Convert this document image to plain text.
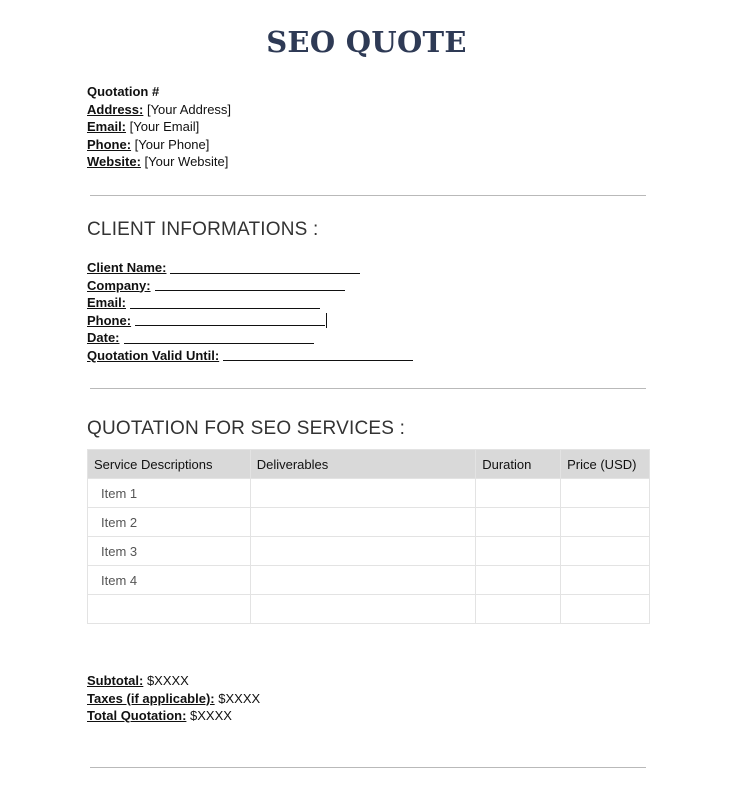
SEO QUOTE
Quotation #
Address: [Your Address]
Email: [Your Email]
Phone: [Your Phone]
Website: [Your Website]
CLIENT INFORMATIONS :
Client Name:
Company:
Email:
Phone:
Date:
Quotation Valid Until:
QUOTATION FOR SEO SERVICES :
Service Descriptions	Deliverables	Duration	Price (USD)
Item 1			
Item 2			
Item 3			
Item 4			

Subtotal: $XXXX
Taxes (if applicable): $XXXX
Total Quotation: $XXXX
